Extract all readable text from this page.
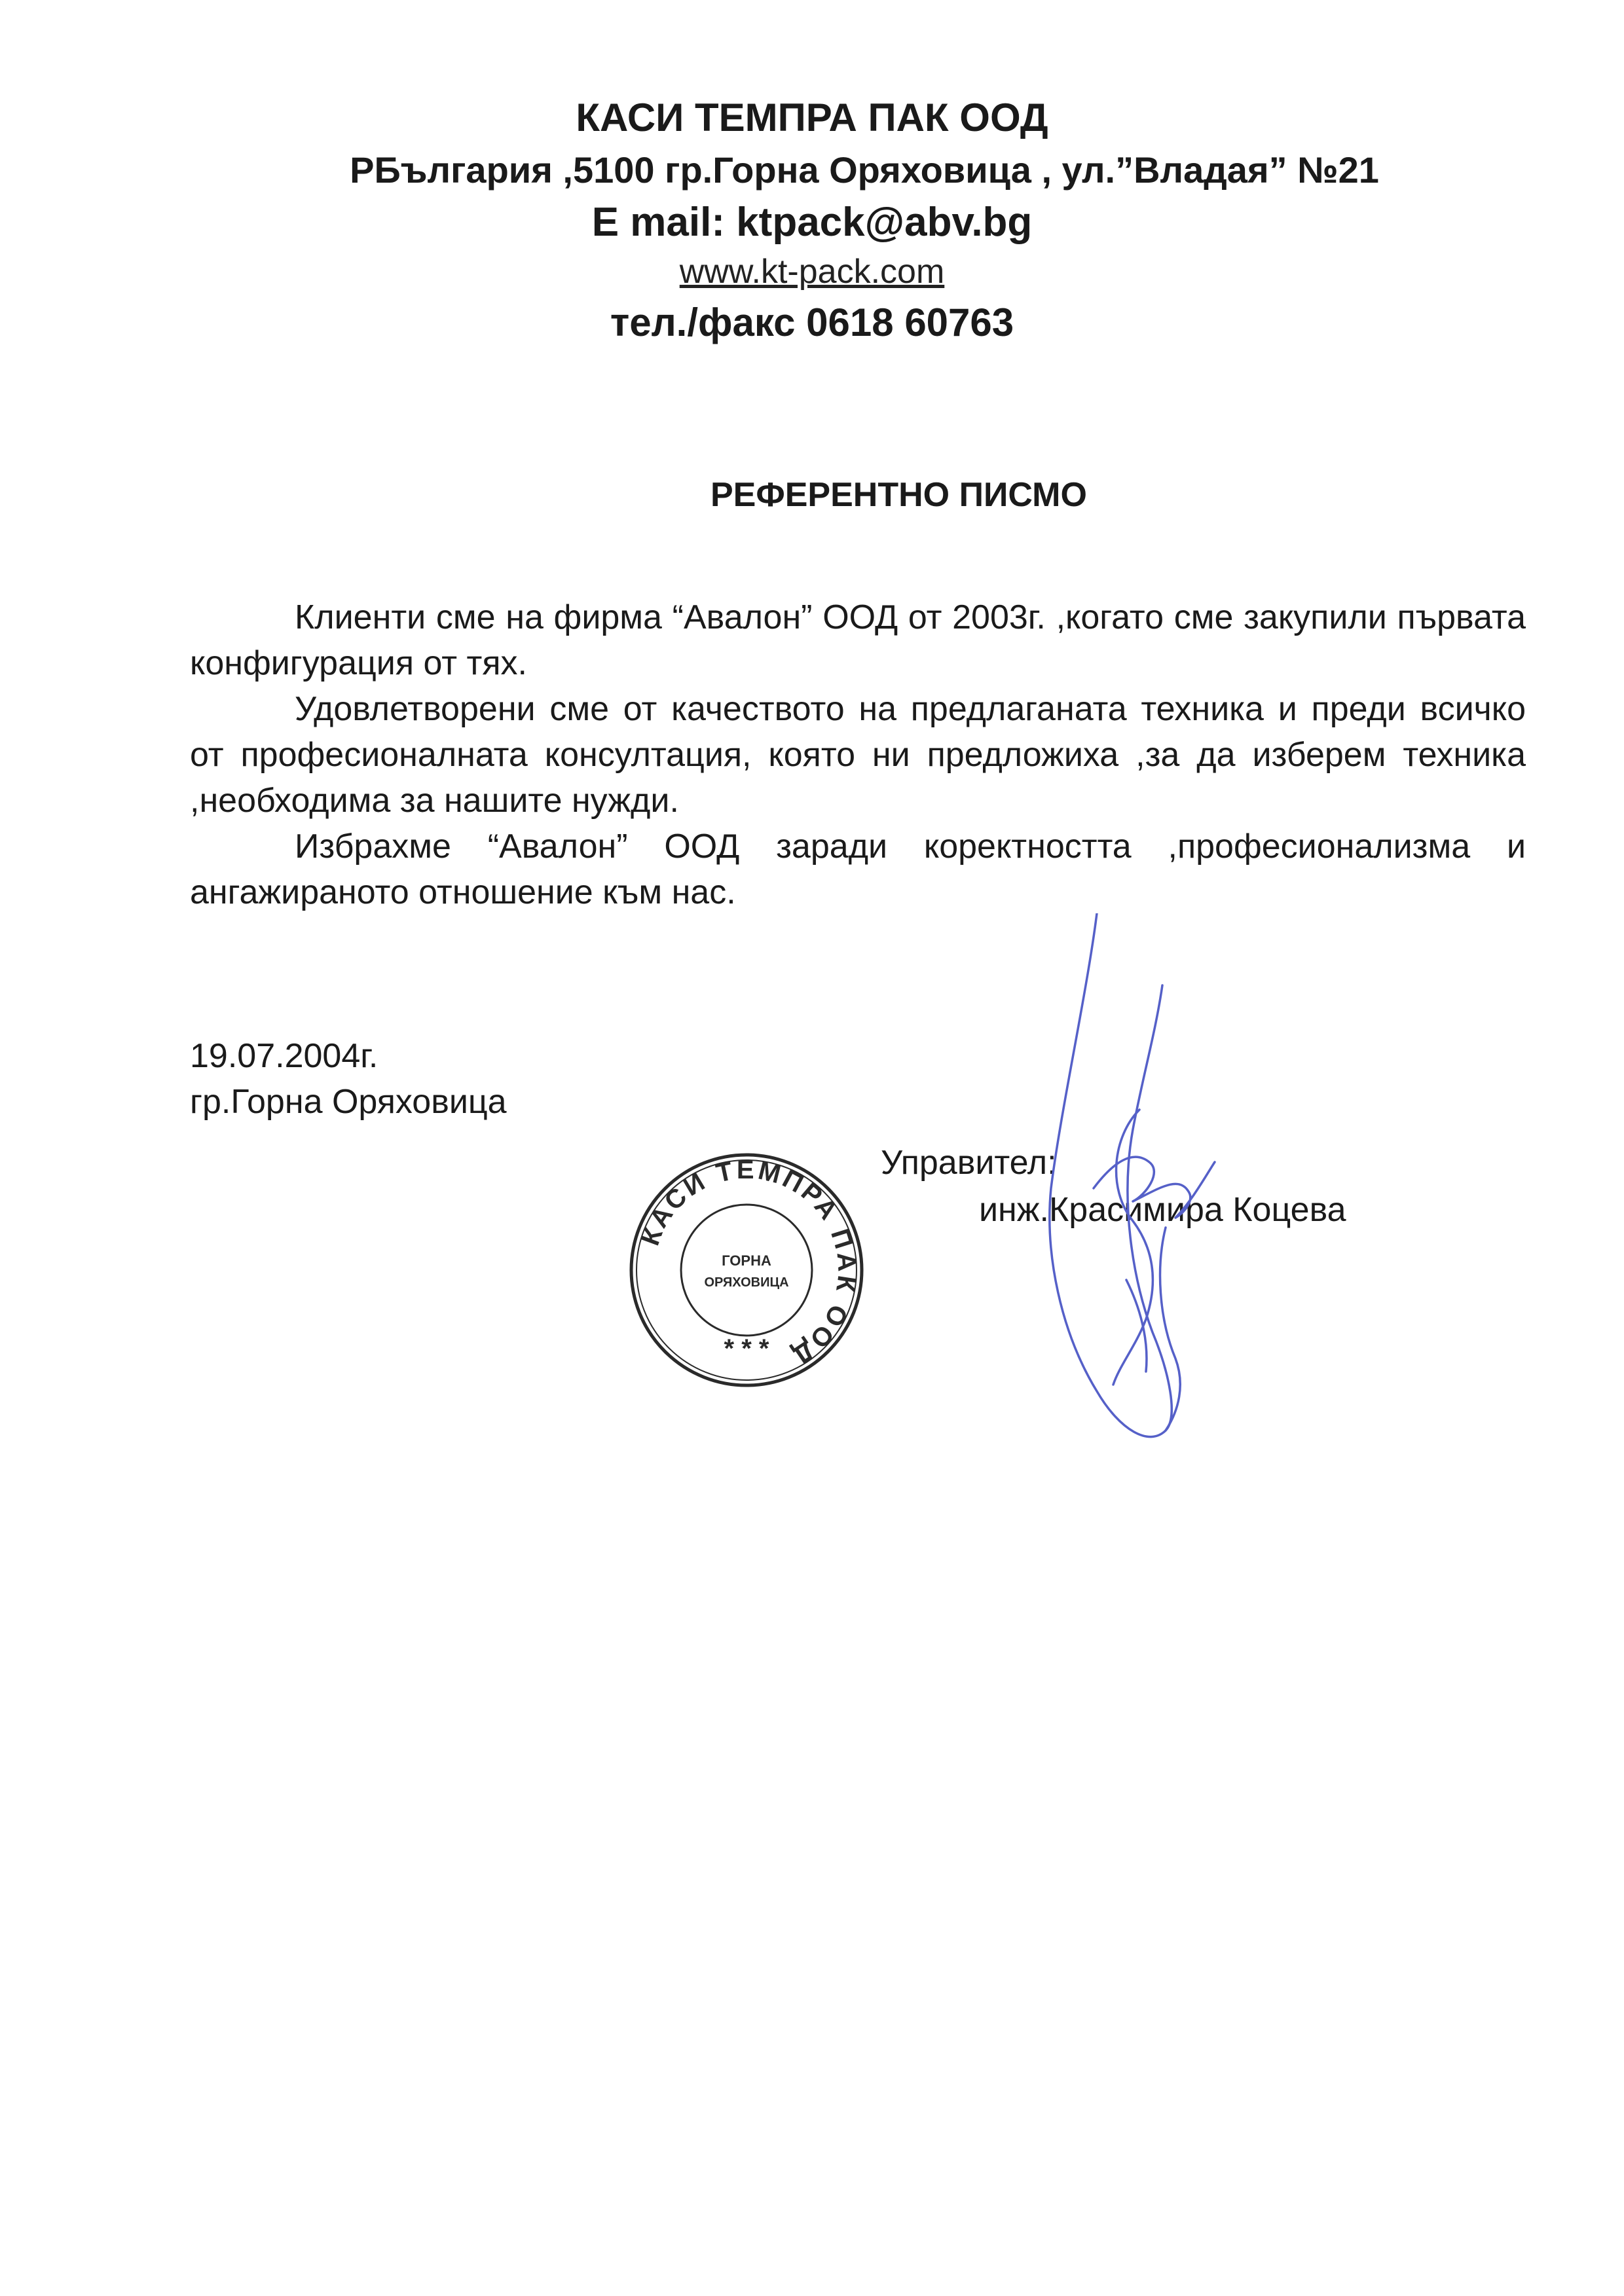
КАСИ ТЕМПРА ПАК ООД
РБългария ,5100 гр.Горна Оряховица , ул.”Владая” №21
E mail: ktpack@abv.bg
www.kt-pack.com
тел./факс 0618 60763
РЕФЕРЕНТНО ПИСМО

Клиенти сме на фирма “Авалон” ООД от 2003г. ,когато сме закупили първата конфигурация от тях.

Удовлетворени сме от качеството на предлаганата техника и преди всичко от професионалната консултация, която ни предложиха ,за да изберем техника ,необходима за нашите нужди.

Избрахме “Авалон” ООД заради коректността ,професионализма и ангажираното отношение към нас.

19.07.2004г.
гр.Горна Оряховица
Управител:
инж.Красимира Коцева
КАСИ ТЕМПРА ПАК ООД
ГОРНА
ОРЯХОВИЦА
* * *
